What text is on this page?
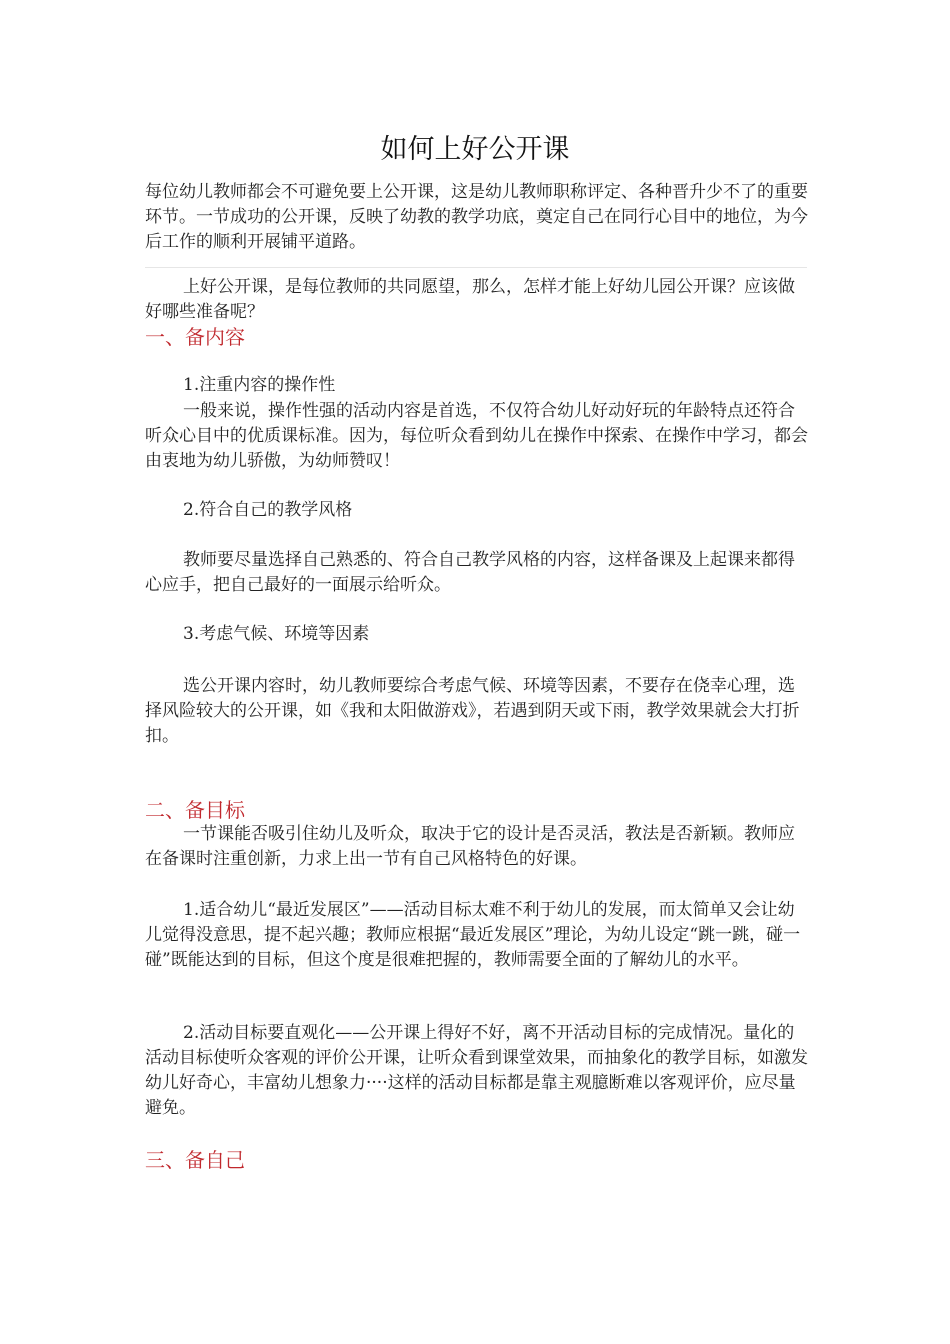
如何上好公开课
每位幼儿教师都会不可避免要上公开课，这是幼儿教师职称评定、各种晋升少不了的重要环节。一节成功的公开课，反映了幼教的教学功底，奠定自己在同行心目中的地位，为今后工作的顺利开展铺平道路。
上好公开课，是每位教师的共同愿望，那么，怎样才能上好幼儿园公开课？应该做好哪些准备呢？
一、备内容
1.注重内容的操作性
一般来说，操作性强的活动内容是首选，不仅符合幼儿好动好玩的年龄特点还符合听众心目中的优质课标准。因为，每位听众看到幼儿在操作中探索、在操作中学习，都会由衷地为幼儿骄傲，为幼师赞叹！
2.符合自己的教学风格
教师要尽量选择自己熟悉的、符合自己教学风格的内容，这样备课及上起课来都得心应手，把自己最好的一面展示给听众。
3.考虑气候、环境等因素
选公开课内容时，幼儿教师要综合考虑气候、环境等因素，不要存在侥幸心理，选择风险较大的公开课，如《我和太阳做游戏》，若遇到阴天或下雨，教学效果就会大打折扣。
二、备目标
一节课能否吸引住幼儿及听众，取决于它的设计是否灵活，教法是否新颖。教师应在备课时注重创新，力求上出一节有自己风格特色的好课。
1.适合幼儿“最近发展区”——活动目标太难不利于幼儿的发展，而太简单又会让幼儿觉得没意思，提不起兴趣；教师应根据“最近发展区”理论，为幼儿设定“跳一跳，碰一碰”既能达到的目标，但这个度是很难把握的，教师需要全面的了解幼儿的水平。
2.活动目标要直观化——公开课上得好不好，离不开活动目标的完成情况。量化的活动目标使听众客观的评价公开课，让听众看到课堂效果，而抽象化的教学目标，如激发幼儿好奇心，丰富幼儿想象力····这样的活动目标都是靠主观臆断难以客观评价，应尽量避免。
三、备自己
